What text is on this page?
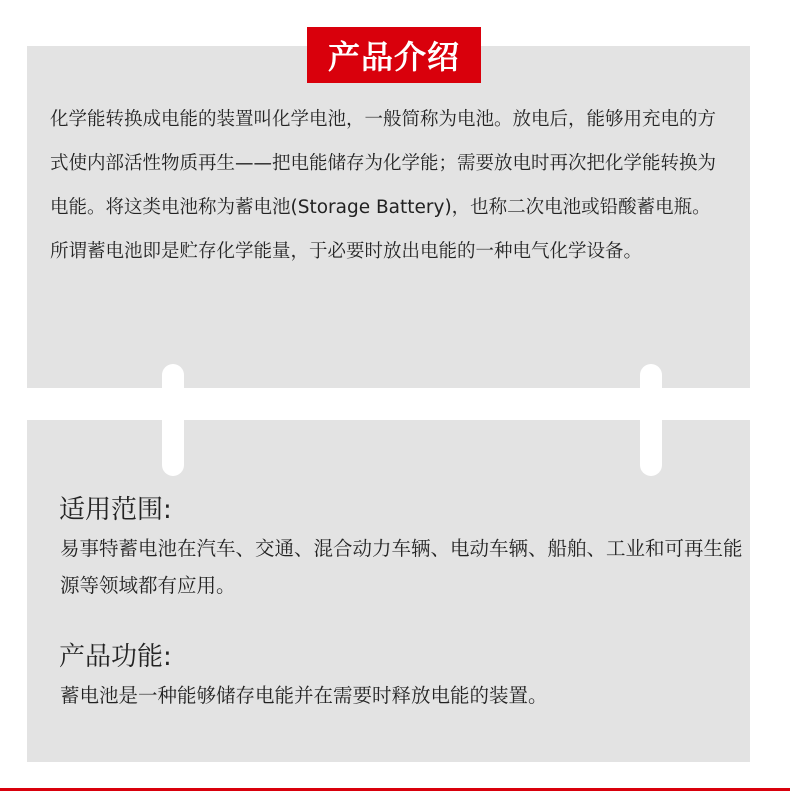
产品介绍

化学能转换成电能的装置叫化学电池，一般简称为电池。放电后，能够用充电的方式使内部活性物质再生——把电能储存为化学能；需要放电时再次把化学能转换为电能。将这类电池称为蓄电池(Storage Battery)，也称二次电池或铅酸蓄电瓶。

所谓蓄电池即是贮存化学能量，于必要时放出电能的一种电气化学设备。

适用范围:
易事特蓄电池在汽车、交通、混合动力车辆、电动车辆、船舶、工业和可再生能源等领域都有应用。
产品功能:
蓄电池是一种能够储存电能并在需要时释放电能的装置。
